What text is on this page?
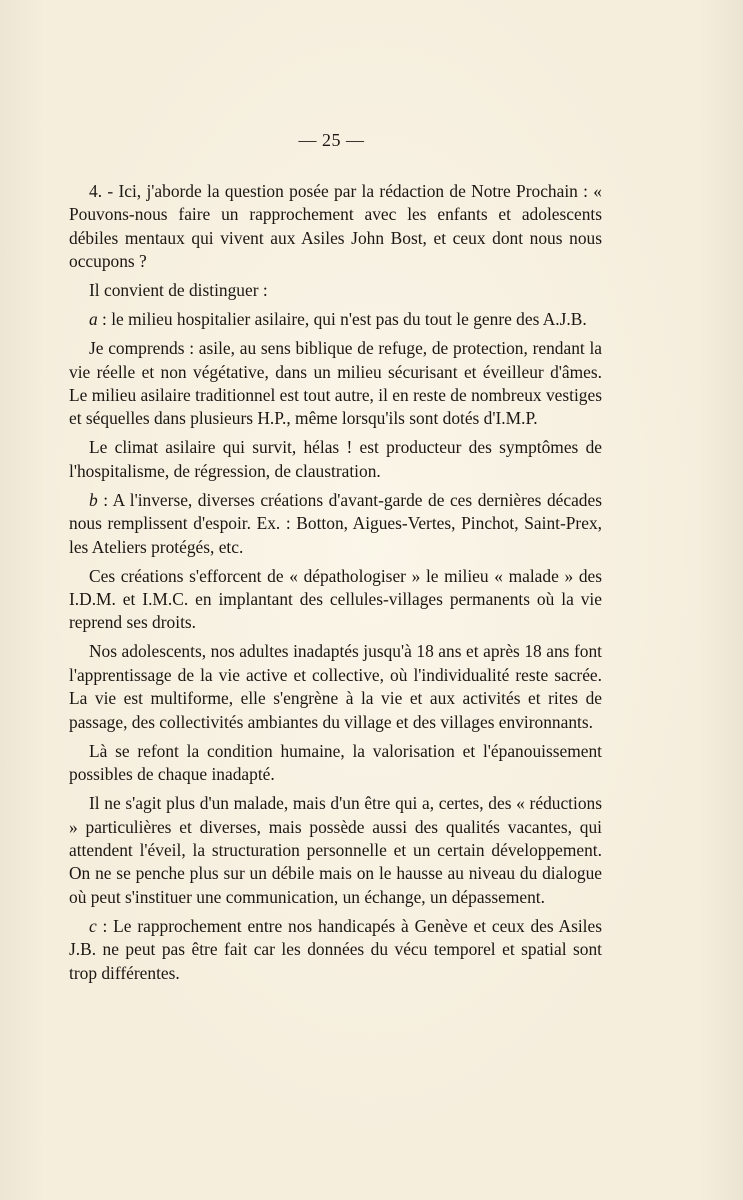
— 25 —

4. - Ici, j'aborde la question posée par la rédaction de Notre Prochain : « Pouvons-nous faire un rapprochement avec les enfants et adolescents débiles mentaux qui vivent aux Asiles John Bost, et ceux dont nous nous occupons ?

Il convient de distinguer :

a : le milieu hospitalier asilaire, qui n'est pas du tout le genre des A.J.B.

Je comprends : asile, au sens biblique de refuge, de protection, rendant la vie réelle et non végétative, dans un milieu sécurisant et éveilleur d'âmes. Le milieu asilaire traditionnel est tout autre, il en reste de nombreux vestiges et séquelles dans plusieurs H.P., même lorsqu'ils sont dotés d'I.M.P.

Le climat asilaire qui survit, hélas ! est producteur des symptômes de l'hospitalisme, de régression, de claustration.

b : A l'inverse, diverses créations d'avant-garde de ces dernières décades nous remplissent d'espoir. Ex. : Botton, Aigues-Vertes, Pinchot, Saint-Prex, les Ateliers protégés, etc.

Ces créations s'efforcent de « dépathologiser » le milieu « malade » des I.D.M. et I.M.C. en implantant des cellules-villages permanents où la vie reprend ses droits.

Nos adolescents, nos adultes inadaptés jusqu'à 18 ans et après 18 ans font l'apprentissage de la vie active et collective, où l'individualité reste sacrée. La vie est multiforme, elle s'engrène à la vie et aux activités et rites de passage, des collectivités ambiantes du village et des villages environnants.

Là se refont la condition humaine, la valorisation et l'épanouissement possibles de chaque inadapté.

Il ne s'agit plus d'un malade, mais d'un être qui a, certes, des « réductions » particulières et diverses, mais possède aussi des qualités vacantes, qui attendent l'éveil, la structuration personnelle et un certain développement. On ne se penche plus sur un débile mais on le hausse au niveau du dialogue où peut s'instituer une communication, un échange, un dépassement.

c : Le rapprochement entre nos handicapés à Genève et ceux des Asiles J.B. ne peut pas être fait car les données du vécu temporel et spatial sont trop différentes.
